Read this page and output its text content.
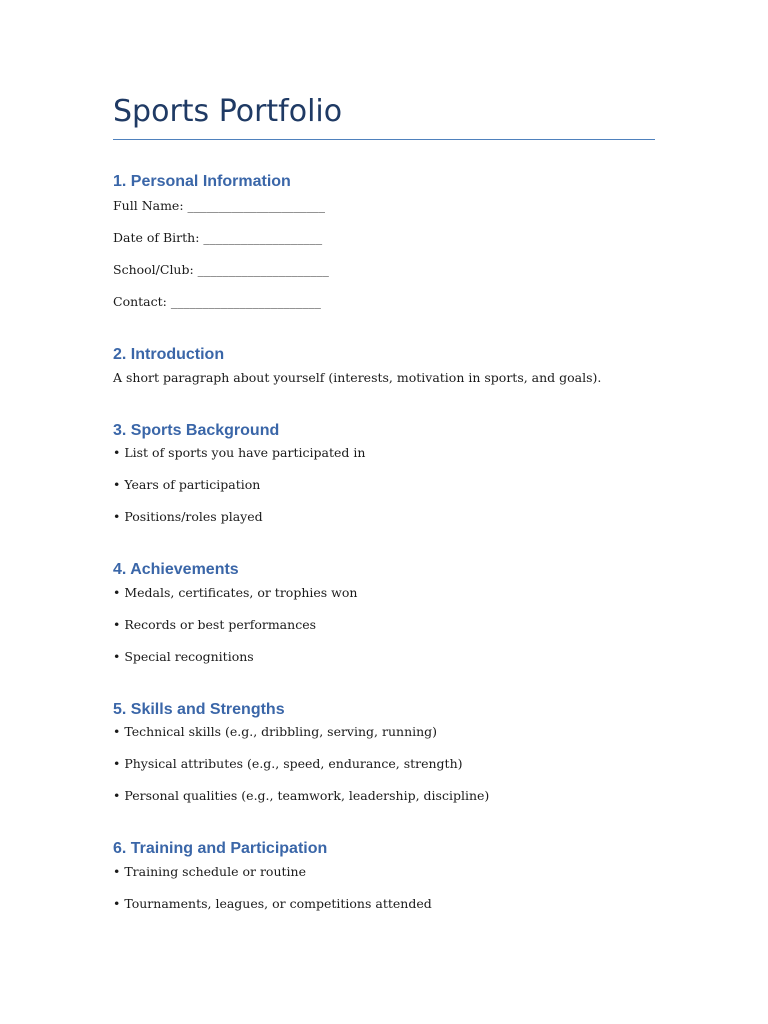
Sports Portfolio
1. Personal Information

Full Name: ______________________

Date of Birth: ___________________

School/Club: _____________________

Contact: ________________________

2. Introduction

A short paragraph about yourself (interests, motivation in sports, and goals).

3. Sports Background

• List of sports you have participated in

• Years of participation

• Positions/roles played

4. Achievements

• Medals, certificates, or trophies won

• Records or best performances

• Special recognitions

5. Skills and Strengths

• Technical skills (e.g., dribbling, serving, running)

• Physical attributes (e.g., speed, endurance, strength)

• Personal qualities (e.g., teamwork, leadership, discipline)

6. Training and Participation

• Training schedule or routine

• Tournaments, leagues, or competitions attended
